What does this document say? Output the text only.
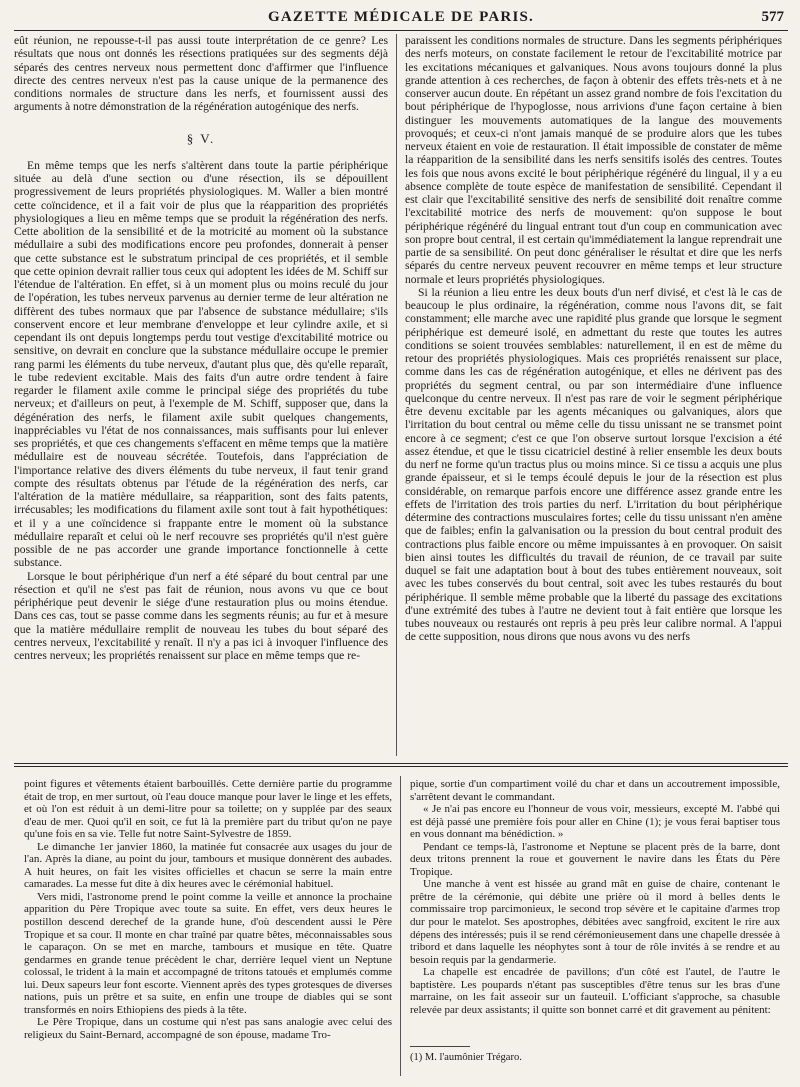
GAZETTE MÉDICALE DE PARIS.	577

eût réunion, ne repousse-t-il pas aussi toute interprétation de ce genre? Les résultats que nous ont donnés les résections pratiquées sur des segments déjà séparés des centres nerveux nous permettent donc d'affirmer que l'influence directe des centres nerveux n'est pas la cause unique de la permanence des conditions normales de structure dans les nerfs, et fournissent aussi des arguments à notre démonstration de la régénération autogénique des nerfs.

§ V.

En même temps que les nerfs s'altèrent dans toute la partie périphérique située au delà d'une section ou d'une résection, ils se dépouillent progressivement de leurs propriétés physiologiques. M. Waller a bien montré cette coïncidence, et il a fait voir de plus que la réapparition des propriétés physiologiques a lieu en même temps que se produit la régénération des nerfs. Cette abolition de la sensibilité et de la motricité au moment où la substance médullaire a subi des modifications encore peu profondes, donnerait à penser que cette substance est le substratum principal de ces propriétés, et il semble que cette opinion devrait rallier tous ceux qui adoptent les idées de M. Schiff sur l'étendue de l'altération. En effet, si à un moment plus ou moins reculé du jour de l'opération, les tubes nerveux parvenus au dernier terme de leur altération ne diffèrent des tubes normaux que par l'absence de substance médullaire; s'ils conservent encore et leur membrane d'enveloppe et leur cylindre axile, et si cependant ils ont depuis longtemps perdu tout vestige d'excitabilité motrice ou sensitive, on devrait en conclure que la substance médullaire occupe le premier rang parmi les éléments du tube nerveux, d'autant plus que, dès qu'elle reparaît, le tube redevient excitable. Mais des faits d'un autre ordre tendent à faire regarder le filament axile comme le principal siége des propriétés du tube nerveux; et d'ailleurs on peut, à l'exemple de M. Schiff, supposer que, dans la dégénération des nerfs, le filament axile subit quelques changements, inappréciables vu l'état de nos connaissances, mais suffisants pour lui enlever ses propriétés, et que ces changements s'effacent en même temps que la matière médullaire est de nouveau sécrétée. Toutefois, dans l'appréciation de l'importance relative des divers éléments du tube nerveux, il faut tenir grand compte des résultats obtenus par l'étude de la régénération des nerfs, car l'altération de la matière médullaire, sa réapparition, sont des faits patents, irrécusables; les modifications du filament axile sont tout à fait hypothétiques: et il y a une coïncidence si frappante entre le moment où la substance médullaire reparaît et celui où le nerf recouvre ses propriétés qu'il n'est guère possible de ne pas accorder une grande importance fonctionnelle à cette substance.

Lorsque le bout périphérique d'un nerf a été séparé du bout central par une résection et qu'il ne s'est pas fait de réunion, nous avons vu que ce bout périphérique peut devenir le siége d'une restauration plus ou moins étendue. Dans ces cas, tout se passe comme dans les segments réunis; au fur et à mesure que la matière médullaire remplit de nouveau les tubes du bout séparé des centres nerveux, l'excitabilité y renaît. Il n'y a pas ici à invoquer l'influence des centres nerveux; les propriétés renaissent sur place en même temps que re-

paraissent les conditions normales de structure. Dans les segments périphériques des nerfs moteurs, on constate facilement le retour de l'excitabilité motrice par les excitations mécaniques et galvaniques. Nous avons toujours donné la plus grande attention à ces recherches, de façon à obtenir des effets très-nets et à ne conserver aucun doute. En répétant un assez grand nombre de fois l'excitation du bout périphérique de l'hypoglosse, nous arrivions d'une façon certaine à bien distinguer les mouvements automatiques de la langue des mouvements provoqués; et ceux-ci n'ont jamais manqué de se produire alors que les tubes nerveux étaient en voie de restauration. Il était impossible de constater de même la réapparition de la sensibilité dans les nerfs sensitifs isolés des centres. Toutes les fois que nous avons excité le bout périphérique régénéré du lingual, il y a eu absence complète de toute espèce de manifestation de sensibilité. Cependant il est clair que l'excitabilité sensitive des nerfs de sensibilité doit renaître comme l'excitabilité motrice des nerfs de mouvement: qu'on suppose le bout périphérique régénéré du lingual entrant tout d'un coup en communication avec son propre bout central, il est certain qu'immédiatement la langue reprendrait une partie de sa sensibilité. On peut donc généraliser le résultat et dire que les nerfs séparés du centre nerveux peuvent recouvrer en même temps et leur structure normale et leurs propriétés physiologiques.

Si la réunion a lieu entre les deux bouts d'un nerf divisé, et c'est là le cas de beaucoup le plus ordinaire, la régénération, comme nous l'avons dit, se fait constamment; elle marche avec une rapidité plus grande que lorsque le segment périphérique est demeuré isolé, en admettant du reste que toutes les autres conditions se soient trouvées semblables: naturellement, il en est de même du retour des propriétés physiologiques. Mais ces propriétés renaissent sur place, comme dans les cas de régénération autogénique, et elles ne dérivent pas des propriétés du segment central, ou par son intermédiaire d'une influence quelconque du centre nerveux. Il n'est pas rare de voir le segment périphérique être devenu excitable par les agents mécaniques ou galvaniques, alors que l'irritation du bout central ou même celle du tissu unissant ne se transmet point encore à ce segment; c'est ce que l'on observe surtout lorsque l'excision a été assez étendue, et que le tissu cicatriciel destiné à relier ensemble les deux bouts du nerf ne forme qu'un tractus plus ou moins mince. Si ce tissu a acquis une plus grande épaisseur, et si le temps écoulé depuis le jour de la résection est plus considérable, on remarque parfois encore une différence assez grande entre les effets de l'irritation des trois parties du nerf. L'irritation du bout périphérique détermine des contractions musculaires fortes; celle du tissu unissant n'en amène que de faibles; enfin la galvanisation ou la pression du bout central produit des contractions plus faible encore ou même impuissantes à en provoquer. On saisit bien ainsi toutes les difficultés du travail de réunion, de ce travail par suite duquel se fait une adaptation bout à bout des tubes entièrement nouveaux, soit avec les tubes conservés du bout central, soit avec les tubes restaurés du bout périphérique. Il semble même probable que la liberté du passage des excitations d'une extrémité des tubes à l'autre ne devient tout à fait entière que lorsque les tubes nouveaux ou restaurés ont repris à peu près leur calibre normal. A l'appui de cette supposition, nous dirons que nous avons vu des nerfs

point figures et vêtements étaient barbouillés. Cette dernière partie du programme était de trop, en mer surtout, où l'eau douce manque pour laver le linge et les effets, et où l'on est réduit à un demi-litre pour sa toilette; on y supplée par des seaux d'eau de mer. Quoi qu'il en soit, ce fut là la première part du tribut qu'on ne paye qu'une fois en sa vie. Telle fut notre Saint-Sylvestre de 1859.

Le dimanche 1er janvier 1860, la matinée fut consacrée aux usages du jour de l'an. Après la diane, au point du jour, tambours et musique donnèrent des aubades. A huit heures, on fait les visites officielles et chacun se serre la main entre camarades. La messe fut dite à dix heures avec le cérémonial habituel.

Vers midi, l'astronome prend le point comme la veille et annonce la prochaine apparition du Père Tropique avec toute sa suite. En effet, vers deux heures le postillon descend derechef de la grande hune, d'où descendent aussi le Père Tropique et sa cour. Il monte en char traîné par quatre bêtes, méconnaissables sous le caparaçon. On se met en marche, tambours et musique en tête. Quatre gendarmes en grande tenue précèdent le char, derrière lequel vient un Neptune colossal, le trident à la main et accompagné de tritons tatoués et emplumés comme lui. Deux sapeurs leur font escorte. Viennent après des types grotesques de diverses nations, puis un prêtre et sa suite, en enfin une troupe de diables qui se sont transformés en noirs Ethiopiens des pieds à la tête.

Le Père Tropique, dans un costume qui n'est pas sans analogie avec celui des religieux du Saint-Bernard, accompagné de son épouse, madame Tro-

pique, sortie d'un compartiment voilé du char et dans un accoutrement impossible, s'arrêtent devant le commandant.

« Je n'ai pas encore eu l'honneur de vous voir, messieurs, excepté M. l'abbé qui est déjà passé une première fois pour aller en Chine (1); je vous ferai baptiser tous en vous donnant ma bénédiction. »

Pendant ce temps-là, l'astronome et Neptune se placent près de la barre, dont deux tritons prennent la roue et gouvernent le navire dans les États du Père Tropique.

Une manche à vent est hissée au grand mât en guise de chaire, contenant le prêtre de la cérémonie, qui débite une prière où il mord à belles dents le commissaire trop parcimonieux, le second trop sévère et le capitaine d'armes trop dur pour le matelot. Ses apostrophes, débitées avec sangfroid, excitent le rire aux dépens des intéressés; puis il se rend cérémonieusement dans une chapelle dressée à tribord et dans laquelle les néophytes sont à tour de rôle invités à se rendre et au besoin requis par la gendarmerie.

La chapelle est encadrée de pavillons; d'un côté est l'autel, de l'autre le baptistère. Les poupards n'étant pas susceptibles d'être tenus sur les bras d'une marraine, on les fait asseoir sur un fauteuil. L'officiant s'approche, sa chasuble relevée par deux assistants; il quitte son bonnet carré et dit gravement au pénitent:

(1) M. l'aumônier Trégaro.
